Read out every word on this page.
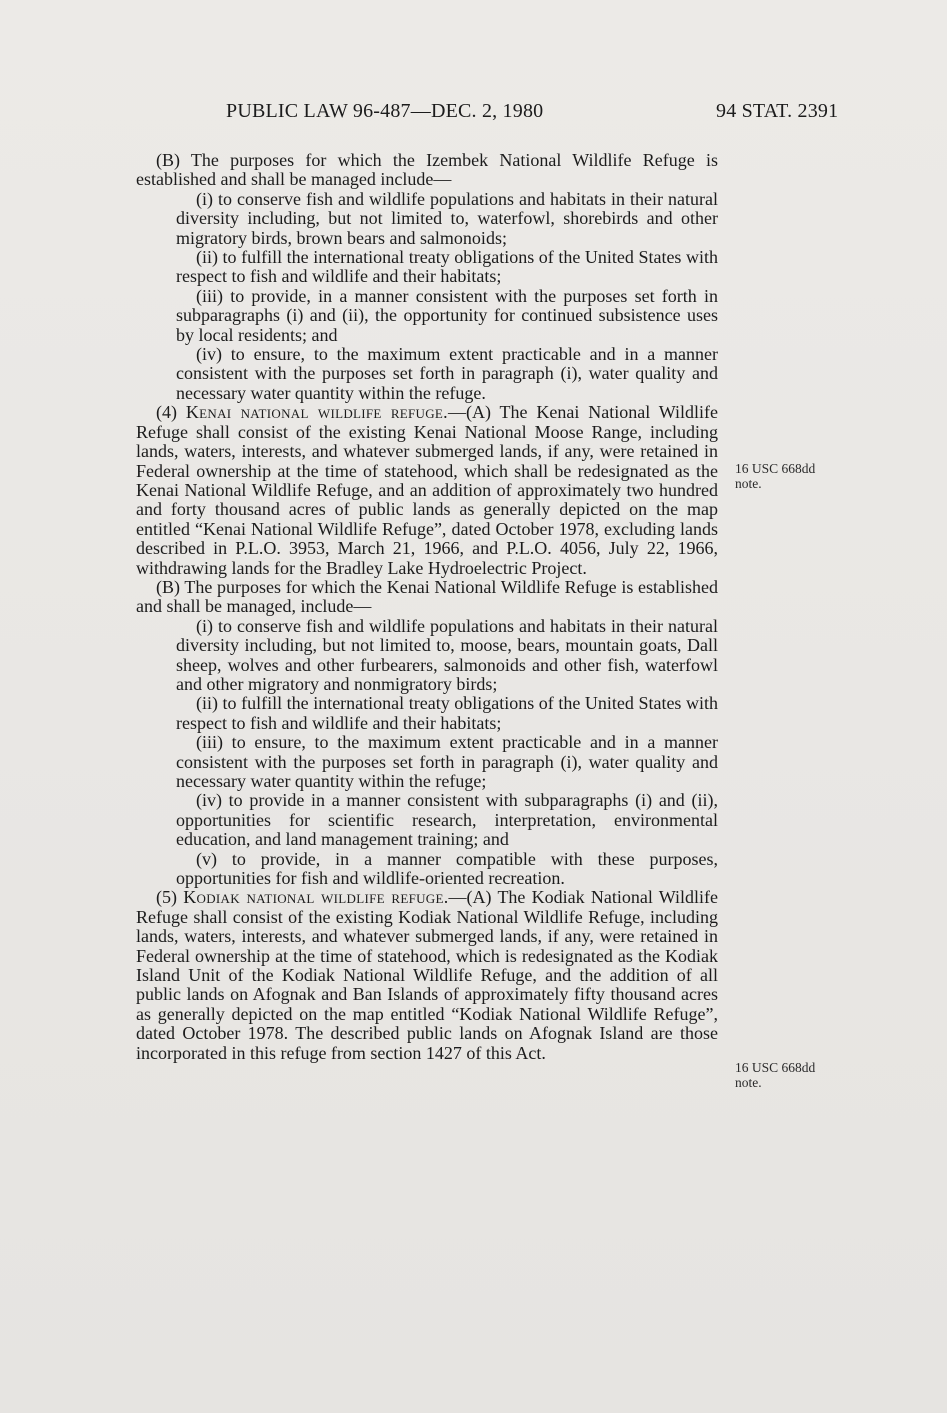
PUBLIC LAW 96-487—DEC. 2, 1980	94 STAT. 2391

(B) The purposes for which the Izembek National Wildlife Refuge is established and shall be managed include—

(i) to conserve fish and wildlife populations and habitats in their natural diversity including, but not limited to, waterfowl, shorebirds and other migratory birds, brown bears and salmonoids;

(ii) to fulfill the international treaty obligations of the United States with respect to fish and wildlife and their habitats;

(iii) to provide, in a manner consistent with the purposes set forth in subparagraphs (i) and (ii), the opportunity for continued subsistence uses by local residents; and

(iv) to ensure, to the maximum extent practicable and in a manner consistent with the purposes set forth in paragraph (i), water quality and necessary water quantity within the refuge.

(4) Kenai national wildlife refuge.—(A) The Kenai National Wildlife Refuge shall consist of the existing Kenai National Moose Range, including lands, waters, interests, and whatever submerged lands, if any, were retained in Federal ownership at the time of statehood, which shall be redesignated as the Kenai National Wildlife Refuge, and an addition of approximately two hundred and forty thousand acres of public lands as generally depicted on the map entitled “Kenai National Wildlife Refuge”, dated October 1978, excluding lands described in P.L.O. 3953, March 21, 1966, and P.L.O. 4056, July 22, 1966, withdrawing lands for the Bradley Lake Hydroelectric Project.

(B) The purposes for which the Kenai National Wildlife Refuge is established and shall be managed, include—

(i) to conserve fish and wildlife populations and habitats in their natural diversity including, but not limited to, moose, bears, mountain goats, Dall sheep, wolves and other furbearers, salmonoids and other fish, waterfowl and other migratory and nonmigratory birds;

(ii) to fulfill the international treaty obligations of the United States with respect to fish and wildlife and their habitats;

(iii) to ensure, to the maximum extent practicable and in a manner consistent with the purposes set forth in paragraph (i), water quality and necessary water quantity within the refuge;

(iv) to provide in a manner consistent with subparagraphs (i) and (ii), opportunities for scientific research, interpretation, environmental education, and land management training; and

(v) to provide, in a manner compatible with these purposes, opportunities for fish and wildlife-oriented recreation.

(5) Kodiak national wildlife refuge.—(A) The Kodiak National Wildlife Refuge shall consist of the existing Kodiak National Wildlife Refuge, including lands, waters, interests, and whatever submerged lands, if any, were retained in Federal ownership at the time of statehood, which is redesignated as the Kodiak Island Unit of the Kodiak National Wildlife Refuge, and the addition of all public lands on Afognak and Ban Islands of approximately fifty thousand acres as generally depicted on the map entitled “Kodiak National Wildlife Refuge”, dated October 1978. The described public lands on Afognak Island are those incorporated in this refuge from section 1427 of this Act.

16 USC 668dd
note.
16 USC 668dd
note.
